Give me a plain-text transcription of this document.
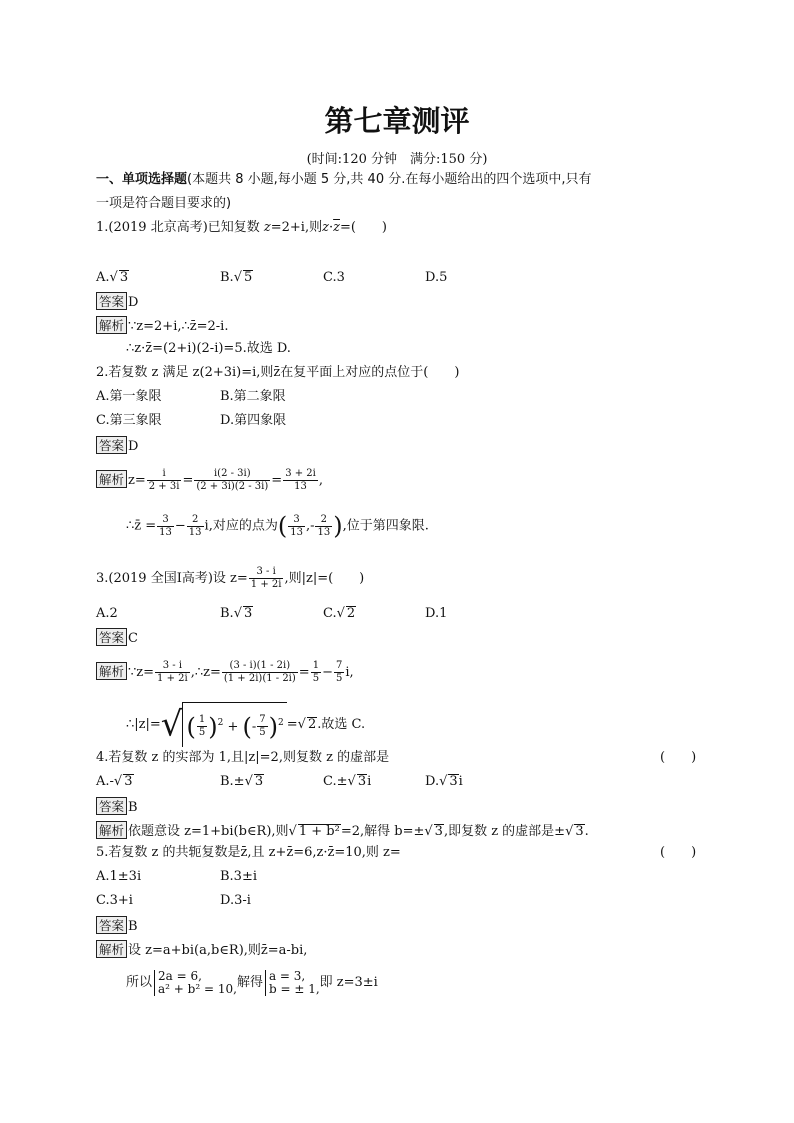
第七章测评
(时间:120 分钟　满分:150 分)
一、单项选择题(本题共 8 小题,每小题 5 分,共 40 分.在每小题给出的四个选项中,只有
一项是符合题目要求的)
1.(2019 北京高考)已知复数 z=2+i,则$z\cdot\overline{z}=$(　　)
A.√ 3	B.√ 5	C.3	D.5
答案 D
解析 ∵z=2+i,∴z̄=2-i.
∴z·z̄=(2+i)(2-i)=5.故选 D.
2.若复数 z 满足 z(2+3i)=i,则z̄在复平面上对应的点位于(　　)
A.第一象限	B.第二象限
C.第三象限	D.第四象限
答案 D
解析 $z= \frac{i}{2 + 3i} = \frac{i(2 - 3i)}{(2 + 3i)(2 - 3i)} = \frac{3 + 2i}{13}$ ,
∴z̄ = $\frac{3}{13} - \frac{2}{13} i$,对应的点为( $\frac{3}{13}$ ,- $\frac{2}{13}$ ),位于第四象限.
3.(2019 全国Ⅰ高考)设 $z= \frac{3 - i}{1 + 2i}$ ,则|z|=(　　)
A.2	B.√ 3	C.√ 2	D.1
答案 C
解析 ∵z= $\frac{3 - i}{1 + 2i}$ ,∴z= $\frac{(3 - i)(1 - 2i)}{(1 + 2i)(1 - 2i)} = \frac{1}{5} - \frac{7}{5} i$,
∴|z|=√ ( $\frac{1}{5} )^2$ + (- $\frac{7}{5} )^2$ =√ 2.故选 C.
4.若复数 z 的实部为 1,且|z|=2,则复数 z 的虚部是	(　　)
A.-√ 3	B.±√ 3	C.±√ 3i	D.√ 3i
答案 B
解析 依题意设 z=1+bi(b∈R),则√ 1 + b²=2,解得 b=±√ 3,即复数 z 的虚部是±√ 3.
5.若复数 z 的共轭复数是z̄,且 z+z̄=6,z·z̄=10,则 z=	(　　)
A.1±3i	B.3±i
C.3+i	D.3-i
答案 B
解析 设 z=a+bi(a,b∈R),则z̄=a-bi,
所以 2a = 6,
a² + b² = 10,解得 a = 3,
b = ± 1,即 z=3±i
